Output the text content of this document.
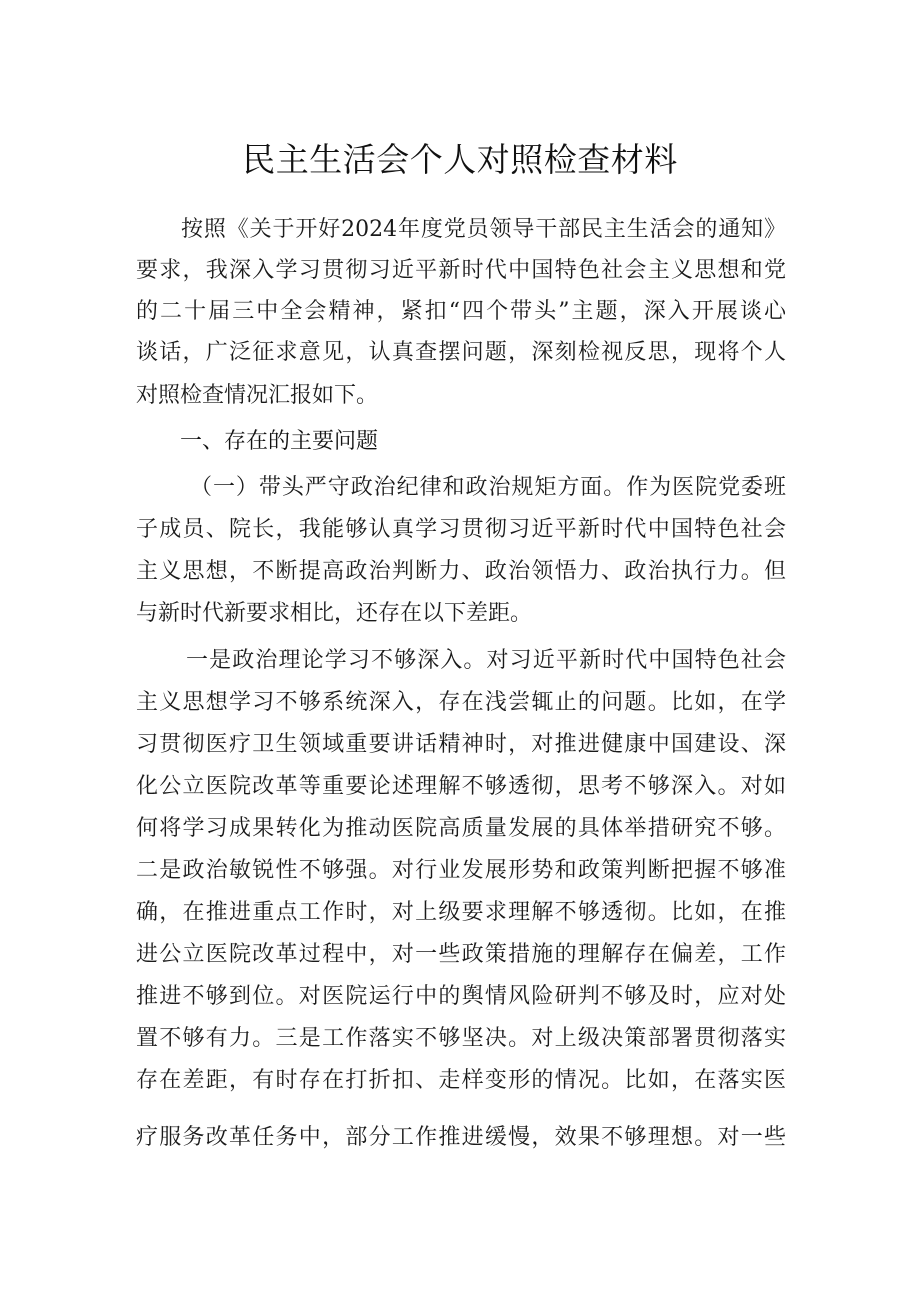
民主生活会个人对照检查材料
按照《关于开好2024年度党员领导干部民主生活会的通知》
要求，我深入学习贯彻习近平新时代中国特色社会主义思想和党
的二十届三中全会精神，紧扣“四个带头”主题，深入开展谈心
谈话，广泛征求意见，认真查摆问题，深刻检视反思，现将个人
对照检查情况汇报如下。
一、存在的主要问题
（一）带头严守政治纪律和政治规矩方面。作为医院党委班
子成员、院长，我能够认真学习贯彻习近平新时代中国特色社会
主义思想，不断提高政治判断力、政治领悟力、政治执行力。但
与新时代新要求相比，还存在以下差距。
一是政治理论学习不够深入。对习近平新时代中国特色社会
主义思想学习不够系统深入，存在浅尝辄止的问题。比如，在学
习贯彻医疗卫生领域重要讲话精神时，对推进健康中国建设、深
化公立医院改革等重要论述理解不够透彻，思考不够深入。对如
何将学习成果转化为推动医院高质量发展的具体举措研究不够。
二是政治敏锐性不够强。对行业发展形势和政策判断把握不够准
确，在推进重点工作时，对上级要求理解不够透彻。比如，在推
进公立医院改革过程中，对一些政策措施的理解存在偏差，工作
推进不够到位。对医院运行中的舆情风险研判不够及时，应对处
置不够有力。三是工作落实不够坚决。对上级决策部署贯彻落实
存在差距，有时存在打折扣、走样变形的情况。比如，在落实医
疗服务改革任务中，部分工作推进缓慢，效果不够理想。对一些
